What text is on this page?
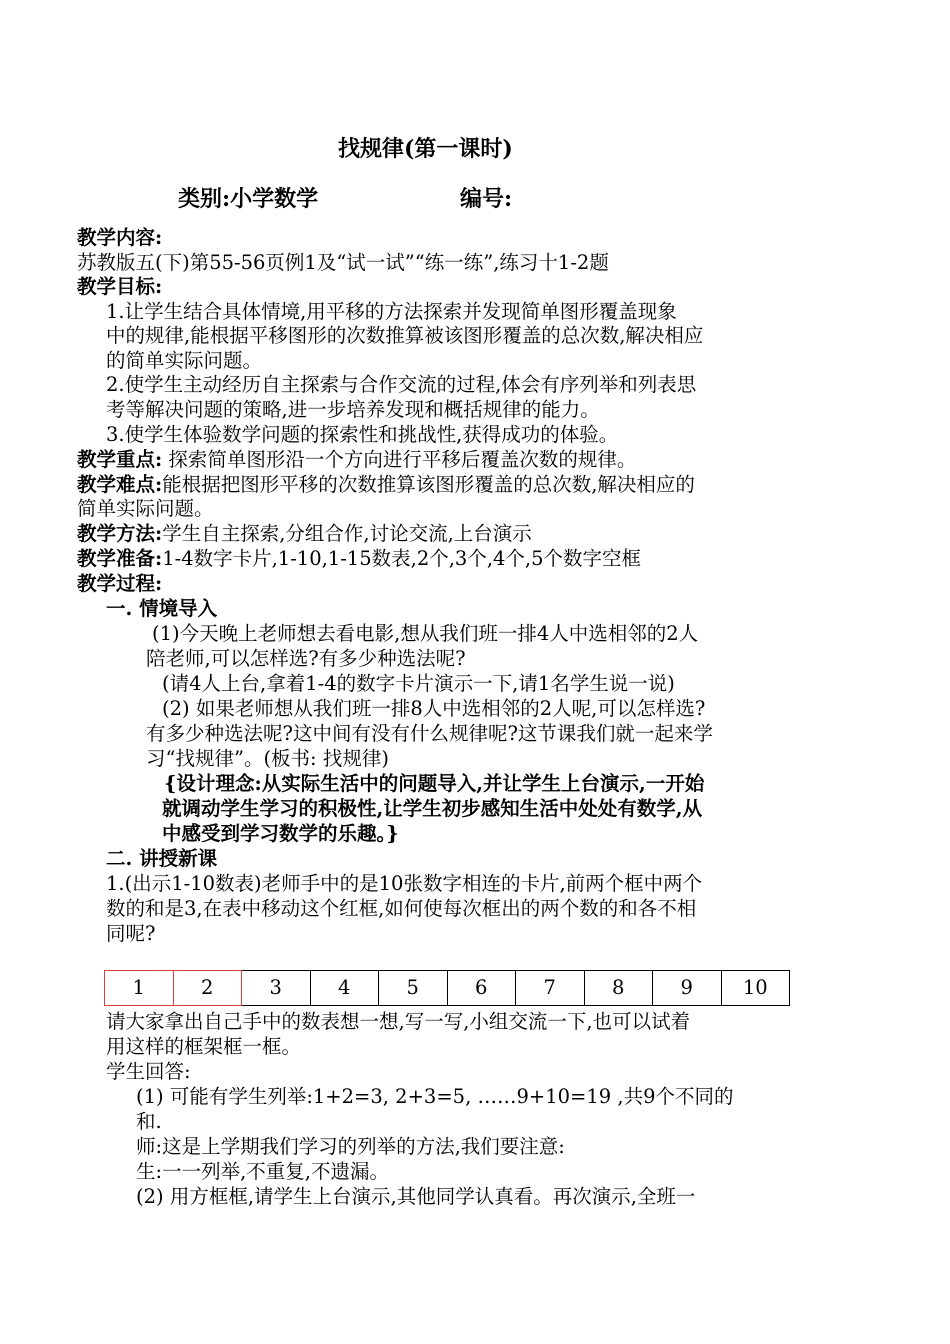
找规律(第一课时)
类别:小学数学	编号:
教学内容:
苏教版五(下)第55-56页例1及“试一试”“练一练”,练习十1-2题
教学目标:
1.让学生结合具体情境,用平移的方法探索并发现简单图形覆盖现象
中的规律,能根据平移图形的次数推算被该图形覆盖的总次数,解决相应
的简单实际问题。
2.使学生主动经历自主探索与合作交流的过程,体会有序列举和列表思
考等解决问题的策略,进一步培养发现和概括规律的能力。
3.使学生体验数学问题的探索性和挑战性,获得成功的体验。
教学重点: 探索简单图形沿一个方向进行平移后覆盖次数的规律。
教学难点:能根据把图形平移的次数推算该图形覆盖的总次数,解决相应的
简单实际问题。
教学方法:学生自主探索,分组合作,讨论交流,上台演示
教学准备:1-4数字卡片,1-10,1-15数表,2个,3个,4个,5个数字空框
教学过程:
一. 情境导入
(1)今天晚上老师想去看电影,想从我们班一排4人中选相邻的2人
陪老师,可以怎样选?有多少种选法呢?
(请4人上台,拿着1-4的数字卡片演示一下,请1名学生说一说)
(2) 如果老师想从我们班一排8人中选相邻的2人呢,可以怎样选?
有多少种选法呢?这中间有没有什么规律呢?这节课我们就一起来学
习“找规律”。(板书: 找规律)
{设计理念:从实际生活中的问题导入,并让学生上台演示,一开始
就调动学生学习的积极性,让学生初步感知生活中处处有数学,从
中感受到学习数学的乐趣。}
二. 讲授新课
1.(出示1-10数表)老师手中的是10张数字相连的卡片,前两个框中两个
数的和是3,在表中移动这个红框,如何使每次框出的两个数的和各不相
同呢?
1	2	3	4	5	6	7	8	9	10
请大家拿出自己手中的数表想一想,写一写,小组交流一下,也可以试着
用这样的框架框一框。
学生回答:
(1) 可能有学生列举:1+2=3, 2+3=5, ……9+10=19 ,共9个不同的
和.
师:这是上学期我们学习的列举的方法,我们要注意:
生:一一列举,不重复,不遗漏。
(2) 用方框框,请学生上台演示,其他同学认真看。再次演示,全班一
